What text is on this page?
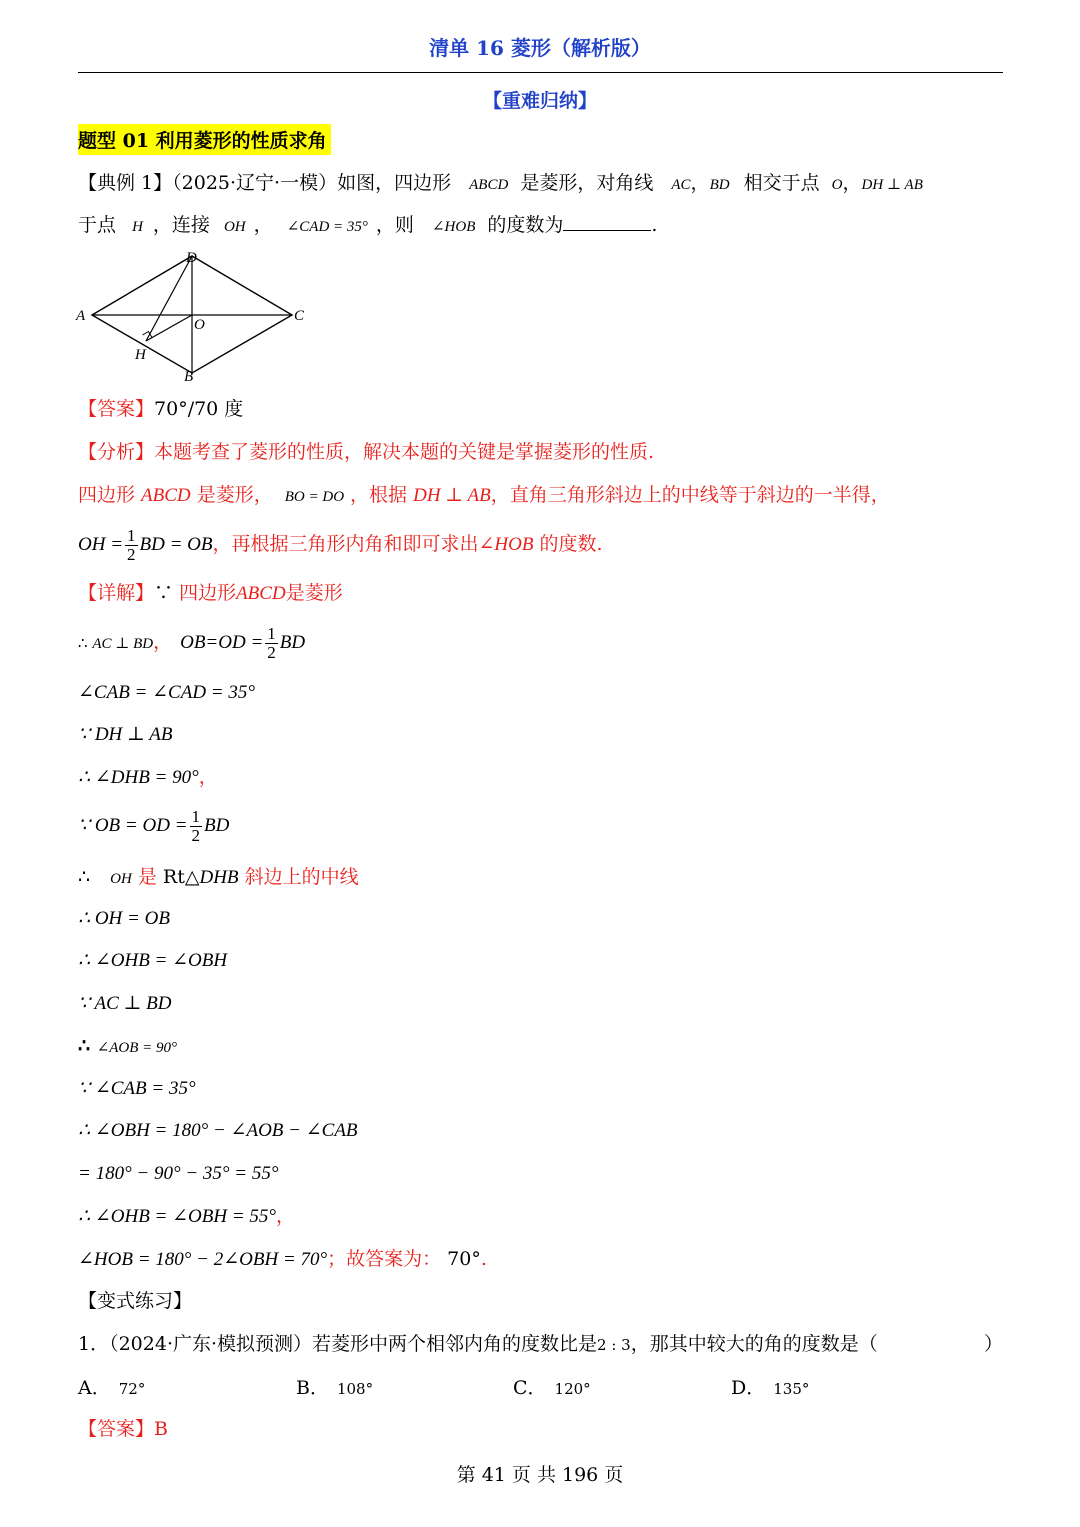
清单 16 菱形（解析版）
【重难归纳】
题型 01 利用菱形的性质求角
【典例 1】（2025·辽宁·一模）如图，四边形 ABCD 是菱形，对角线 AC，BD 相交于点 O，DH ⊥ AB
于点 H ，连接 OH ， ∠CAD = 35° ，则 ∠HOB 的度数为	.
A
D
C
B
O
H
【答案】70°/70 度
【分析】本题考查了菱形的性质，解决本题的关键是掌握菱形的性质.
四边形 ABCD 是菱形， BO = DO ，根据 DH ⊥ AB，直角三角形斜边上的中线等于斜边的一半得，
OH = $\frac{1}{2}$ BD = OB，再根据三角形内角和即可求出∠HOB 的度数.
【详解】∵ 四边形ABCD是菱形
∴ AC ⊥ BD， $OB=OD = \frac{1}{2}$ BD
∠CAB = ∠CAD = 35°
∵ DH ⊥ AB
∴ ∠DHB = 90°，
∵ OB = OD = $\frac{1}{2}$ BD
∴ OH 是 Rt△DHB 斜边上的中线
∴ OH = OB
∴ ∠OHB = ∠OBH
∵ AC ⊥ BD
∴ ∠AOB = 90°
∵ ∠CAB = 35°
∴ ∠OBH = 180° − ∠AOB − ∠CAB
= 180° − 90° − 35° = 55°
∴ ∠OHB = ∠OBH = 55°，
∠HOB = 180° − 2∠OBH = 70°；故答案为： 70°.
【变式练习】
1．（2024·广东·模拟预测）若菱形中两个相邻内角的度数比是2 : 3，那其中较大的角的度数是（	）
A． 72°	B． 108°	C． 120°	D． 135°
【答案】B
第 41 页 共 196 页
